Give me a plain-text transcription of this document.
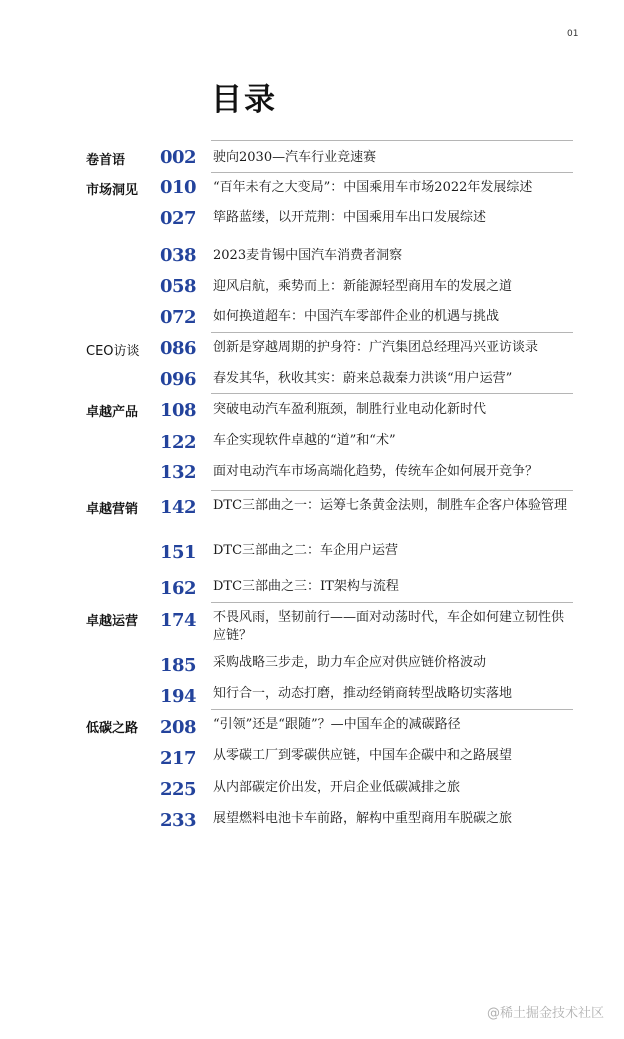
01
目录
卷首语 002 驶向2030—汽车行业竞速赛
市场洞见 010 “百年未有之大变局”：中国乘用车市场2022年发展综述
027 筚路蓝缕，以开荒荆：中国乘用车出口发展综述
038 2023麦肯锡中国汽车消费者洞察
058 迎风启航，乘势而上：新能源轻型商用车的发展之道
072 如何换道超车：中国汽车零部件企业的机遇与挑战
CEO访谈 086 创新是穿越周期的护身符：广汽集团总经理冯兴亚访谈录
096 春发其华，秋收其实：蔚来总裁秦力洪谈“用户运营”
卓越产品 108 突破电动汽车盈利瓶颈，制胜行业电动化新时代
122 车企实现软件卓越的“道”和“术”
132 面对电动汽车市场高端化趋势，传统车企如何展开竞争？
卓越营销 142 DTC三部曲之一：运筹七条黄金法则，制胜车企客户体验管理
151 DTC三部曲之二：车企用户运营
162 DTC三部曲之三：IT架构与流程
卓越运营 174 不畏风雨，坚韧前行——面对动荡时代，车企如何建立韧性供应链？
185 采购战略三步走，助力车企应对供应链价格波动
194 知行合一，动态打磨，推动经销商转型战略切实落地
低碳之路 208 “引领”还是“跟随”？—中国车企的减碳路径
217 从零碳工厂到零碳供应链，中国车企碳中和之路展望
225 从内部碳定价出发，开启企业低碳减排之旅
233 展望燃料电池卡车前路，解构中重型商用车脱碳之旅
@稀土掘金技术社区
